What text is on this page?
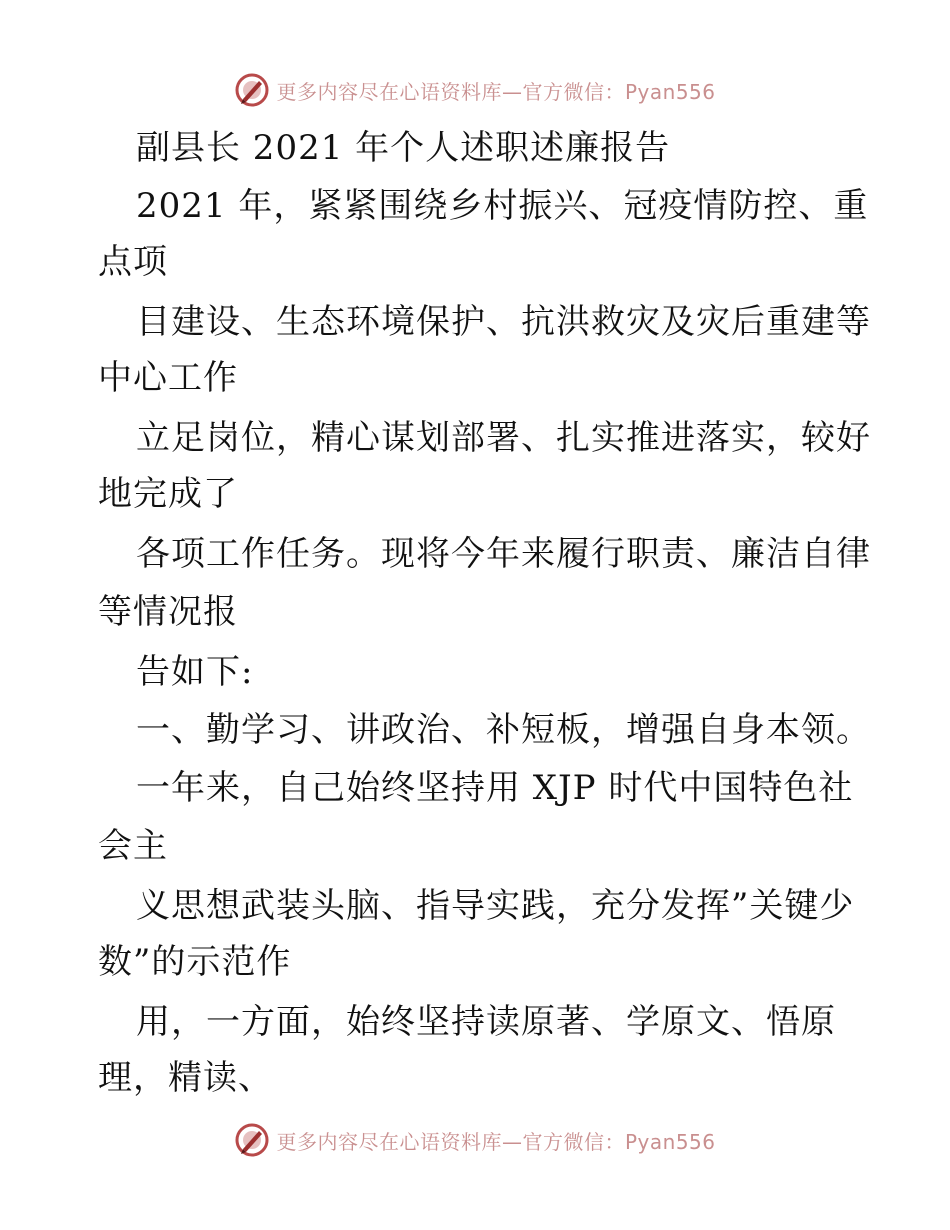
更多内容尽在心语资料库—官方微信：Pyan556
副县长 2021 年个人述职述廉报告
2021 年，紧紧围绕乡村振兴、冠疫情防控、重
点项
目建设、生态环境保护、抗洪救灾及灾后重建等
中心工作
立足岗位，精心谋划部署、扎实推进落实，较好
地完成了
各项工作任务。现将今年来履行职责、廉洁自律
等情况报
告如下:
一、勤学习、讲政治、补短板，增强自身本领。
一年来，自己始终坚持用 XJP 时代中国特色社
会主
义思想武装头脑、指导实践，充分发挥”关键少
数”的示范作
用，一方面，始终坚持读原著、学原文、悟原
理，精读、
更多内容尽在心语资料库—官方微信：Pyan556
